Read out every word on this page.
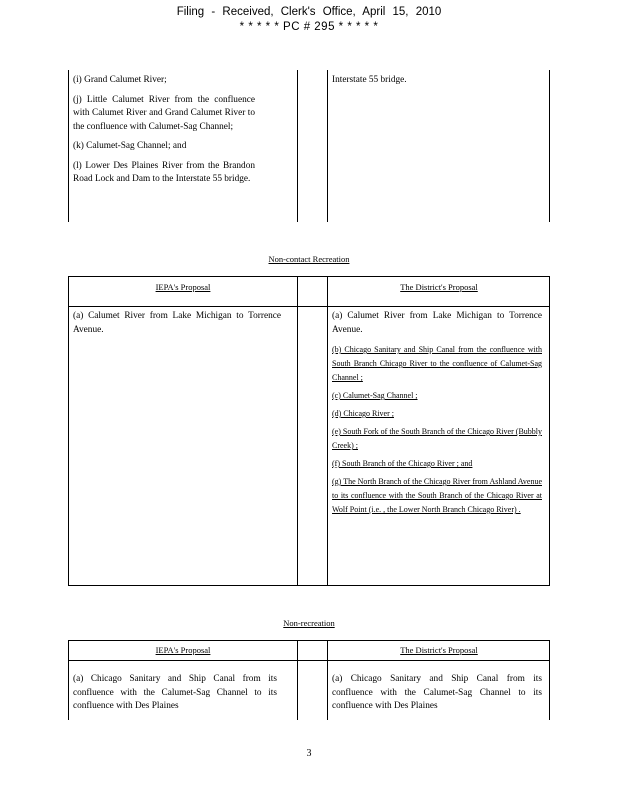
Filing - Received, Clerk's Office, April 15, 2010
* * * * * PC # 295 * * * * *

(i) Grand Calumet River;

(j) Little Calumet River from the confluence with Calumet River and Grand Calumet River to the confluence with Calumet-Sag Channel;

(k) Calumet-Sag Channel; and

(l) Lower Des Plaines River from the Brandon Road Lock and Dam to the Interstate 55 bridge.

Interstate 55 bridge.

Non-contact Recreation
IEPA's Proposal	The District's Proposal

(a) Calumet River from Lake Michigan to Torrence Avenue.

(a) Calumet River from Lake Michigan to Torrence Avenue.

(b) Chicago Sanitary and Ship Canal from the confluence with South Branch Chicago River to the confluence of Calumet-Sag Channel ;

(c) Calumet-Sag Channel ;

(d) Chicago River ;

(e) South Fork of the South Branch of the Chicago River (Bubbly Creek) ;

(f) South Branch of the Chicago River ; and

(g) The North Branch of the Chicago River from Ashland Avenue to its confluence with the South Branch of the Chicago River at Wolf Point (i.e. , the Lower North Branch Chicago River) .

Non-recreation
IEPA's Proposal	The District's Proposal

(a) Chicago Sanitary and Ship Canal from its confluence with the Calumet-Sag Channel to its confluence with Des Plaines

(a) Chicago Sanitary and Ship Canal from its confluence with the Calumet-Sag Channel to its confluence with Des Plaines

3
